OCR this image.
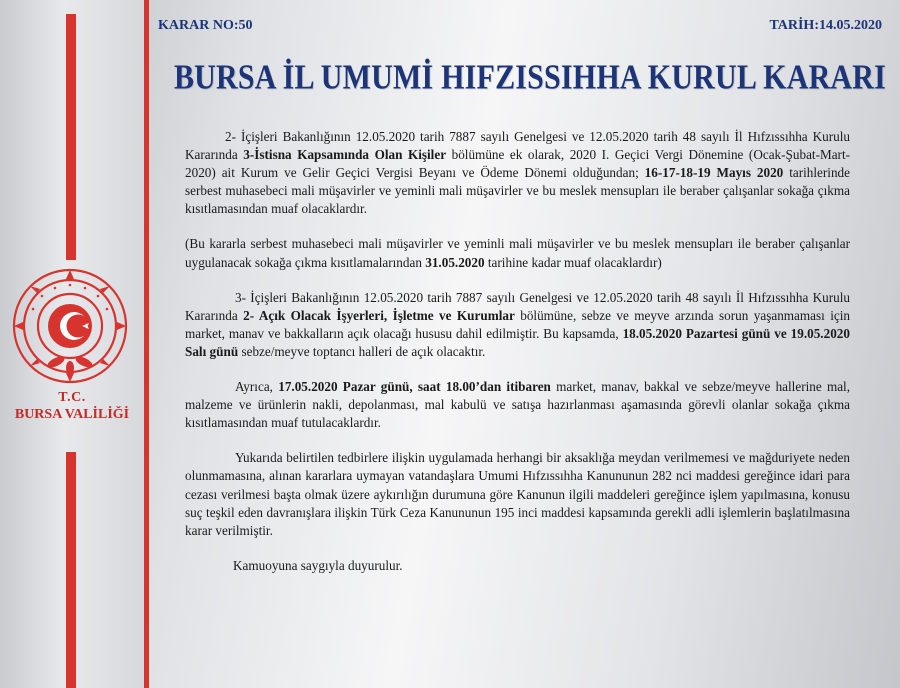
T.C.
BURSA VALİLİĞİ
KARAR NO:50	TARİH:14.05.2020
BURSA İL UMUMİ HIFZISSIHHA KURUL KARARI

2- İçişleri Bakanlığının 12.05.2020 tarih 7887 sayılı Genelgesi ve 12.05.2020 tarih 48 sayılı İl Hıfzıssıhha Kurulu Kararında 3-İstisna Kapsamında Olan Kişiler bölümüne ek olarak, 2020 I. Geçici Vergi Dönemine (Ocak-Şubat-Mart-2020) ait Kurum ve Gelir Geçici Vergisi Beyanı ve Ödeme Dönemi olduğundan; 16-17-18-19 Mayıs 2020 tarihlerinde serbest muhasebeci mali müşavirler ve yeminli mali müşavirler ve bu meslek mensupları ile beraber çalışanlar sokağa çıkma kısıtlamasından muaf olacaklardır.

(Bu kararla serbest muhasebeci mali müşavirler ve yeminli mali müşavirler ve bu meslek mensupları ile beraber çalışanlar uygulanacak sokağa çıkma kısıtlamalarından 31.05.2020 tarihine kadar muaf olacaklardır)

3- İçişleri Bakanlığının 12.05.2020 tarih 7887 sayılı Genelgesi ve 12.05.2020 tarih 48 sayılı İl Hıfzıssıhha Kurulu Kararında 2- Açık Olacak İşyerleri, İşletme ve Kurumlar bölümüne, sebze ve meyve arzında sorun yaşanmaması için market, manav ve bakkalların açık olacağı hususu dahil edilmiştir. Bu kapsamda, 18.05.2020 Pazartesi günü ve 19.05.2020 Salı günü sebze/meyve toptancı halleri de açık olacaktır.

Ayrıca, 17.05.2020 Pazar günü, saat 18.00’dan itibaren market, manav, bakkal ve sebze/meyve hallerine mal, malzeme ve ürünlerin nakli, depolanması, mal kabulü ve satışa hazırlanması aşamasında görevli olanlar sokağa çıkma kısıtlamasından muaf tutulacaklardır.

Yukarıda belirtilen tedbirlere ilişkin uygulamada herhangi bir aksaklığa meydan verilmemesi ve mağduriyete neden olunmamasına, alınan kararlara uymayan vatandaşlara Umumi Hıfzıssıhha Kanununun 282 nci maddesi gereğince idari para cezası verilmesi başta olmak üzere aykırılığın durumuna göre Kanunun ilgili maddeleri gereğince işlem yapılmasına, konusu suç teşkil eden davranışlara ilişkin Türk Ceza Kanununun 195 inci maddesi kapsamında gerekli adli işlemlerin başlatılmasına karar verilmiştir.

Kamuoyuna saygıyla duyurulur.
